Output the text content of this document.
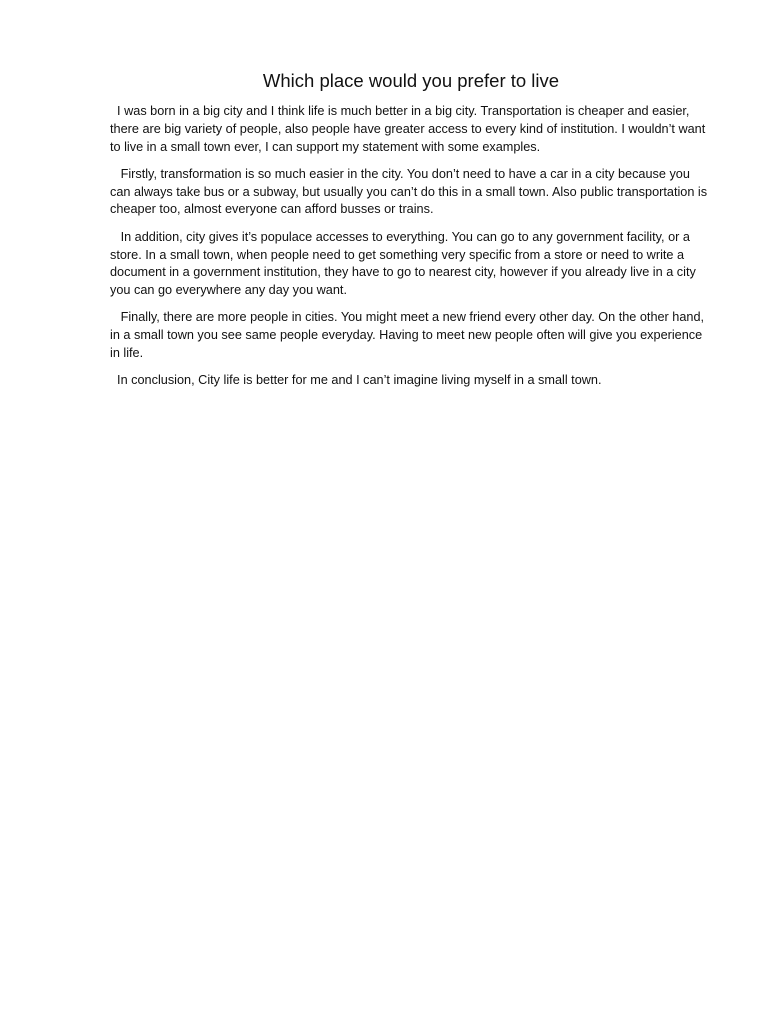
Which place would you prefer to live

I was born in a big city and I think life is much better in a big city. Transportation is cheaper and easier, there are big variety of people, also people have greater access to every kind of institution. I wouldn’t want to live in a small town ever, I can support my statement with some examples.

Firstly, transformation is so much easier in the city. You don’t need to have a car in a city because you can always take bus or a subway, but usually you can’t do this in a small town. Also public transportation is cheaper too, almost everyone can afford busses or trains.

In addition, city gives it’s populace accesses to everything. You can go to any government facility, or a store. In a small town, when people need to get something very specific from a store or need to write a document in a government institution, they have to go to nearest city, however if you already live in a city you can go everywhere any day you want.

Finally, there are more people in cities. You might meet a new friend every other day. On the other hand, in a small town you see same people everyday. Having to meet new people often will give you experience in life.

In conclusion, City life is better for me and I can’t imagine living myself in a small town.
